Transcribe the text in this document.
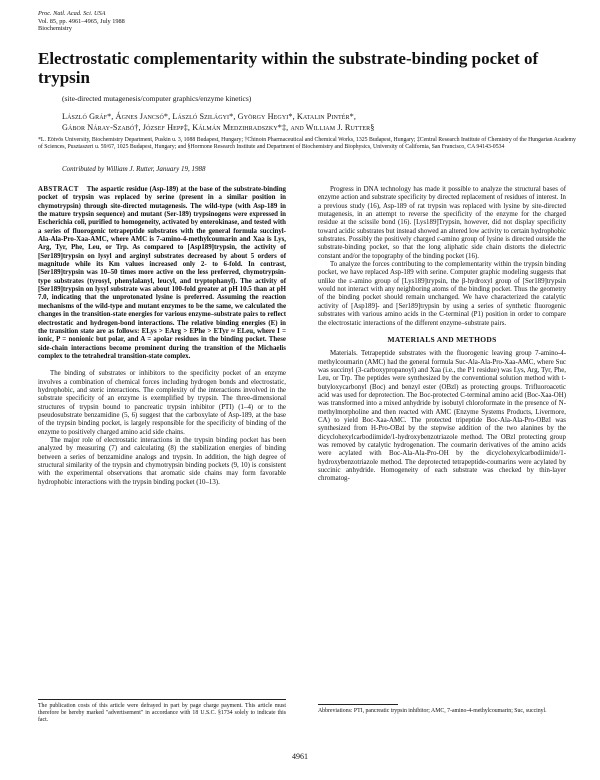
Proc. Natl. Acad. Sci. USA
Vol. 85, pp. 4961–4965, July 1988
Biochemistry
Electrostatic complementarity within the substrate-binding pocket of trypsin
(site-directed mutagenesis/computer graphics/enzyme kinetics)
László Gráf*, Ágnes Jancsó*, László Szilágyi*, György Hegyi*, Katalin Pintér*,
Gábor Náray-Szabó†, József Hepp‡, Kálmán Medzihradszky*‡, and William J. Rutter§
*L. Eötvös University, Biochemistry Department, Puskin u. 3, 1088 Budapest, Hungary; †Chinoin Pharmaceutical and Chemical Works, 1325 Budapest, Hungary; ‡Central Research Institute of Chemistry of the Hungarian Academy of Sciences, Pusztaszeri u. 59/67, 1025 Budapest, Hungary; and §Hormone Research Institute and Department of Biochemistry and Biophysics, University of California, San Francisco, CA 94143-0534
Contributed by William J. Rutter, January 19, 1988

ABSTRACT The aspartic residue (Asp-189) at the base of the substrate-binding pocket of trypsin was replaced by serine (present in a similar position in chymotrypsin) through site-directed mutagenesis. The wild-type (with Asp-189 in the mature trypsin sequence) and mutant (Ser-189) trypsinogens were expressed in Escherichia coli, purified to homogeneity, activated by enterokinase, and tested with a series of fluorogenic tetrapeptide substrates with the general formula succinyl-Ala-Ala-Pro-Xaa-AMC, where AMC is 7-amino-4-methylcoumarin and Xaa is Lys, Arg, Tyr, Phe, Leu, or Trp. As compared to [Asp189]trypsin, the activity of [Ser189]trypsin on lysyl and arginyl substrates decreased by about 5 orders of magnitude while its Km values increased only 2- to 6-fold. In contrast, [Ser189]trypsin was 10–50 times more active on the less preferred, chymotrypsin-type substrates (tyrosyl, phenylalanyl, leucyl, and tryptophanyl). The activity of [Ser189]trypsin on lysyl substrate was about 100-fold greater at pH 10.5 than at pH 7.0, indicating that the unprotonated lysine is preferred. Assuming the reaction mechanisms of the wild-type and mutant enzymes to be the same, we calculated the changes in the transition-state energies for various enzyme–substrate pairs to reflect electrostatic and hydrogen-bond interactions. The relative binding energies (E) in the transition state are as follows: ELys > EArg > EPhe > ETyr ≈ ELeu, where I = ionic, P = nonionic but polar, and A = apolar residues in the binding pocket. These side-chain interactions become prominent during the transition of the Michaelis complex to the tetrahedral transition-state complex.

The binding of substrates or inhibitors to the specificity pocket of an enzyme involves a combination of chemical forces including hydrogen bonds and electrostatic, hydrophobic, and steric interactions. The complexity of the interactions involved in the substrate specificity of an enzyme is exemplified by trypsin. The three-dimensional structures of trypsin bound to pancreatic trypsin inhibitor (PTI) (1–4) or to the pseudosubstrate benzamidine (5, 6) suggest that the carboxylate of Asp-189, at the base of the trypsin binding pocket, is largely responsible for the specificity of binding of the enzyme to positively charged amino acid side chains.

The major role of electrostatic interactions in the trypsin binding pocket has been analyzed by measuring (7) and calculating (8) the stabilization energies of binding between a series of benzamidine analogs and trypsin. In addition, the high degree of structural similarity of the trypsin and chymotrypsin binding pockets (9, 10) is consistent with the experimental observations that aromatic side chains may form favorable hydrophobic interactions with the trypsin binding pocket (10–13).

Progress in DNA technology has made it possible to analyze the structural bases of enzyme action and substrate specificity by directed replacement of residues of interest. In a previous study (16), Asp-189 of rat trypsin was replaced with lysine by site-directed mutagenesis, in an attempt to reverse the specificity of the enzyme for the charged residue at the scissile bond (16). [Lys189]Trypsin, however, did not display specificity toward acidic substrates but instead showed an altered low activity to certain hydrophobic substrates. Possibly the positively charged ε-amino group of lysine is directed outside the substrate-binding pocket, so that the long aliphatic side chain distorts the dielectric constant and/or the topography of the binding pocket (16).

To analyze the forces contributing to the complementarity within the trypsin binding pocket, we have replaced Asp-189 with serine. Computer graphic modeling suggests that unlike the ε-amino group of [Lys189]trypsin, the β-hydroxyl group of [Ser189]trypsin would not interact with any neighboring atoms of the binding pocket. Thus the geometry of the binding pocket should remain unchanged. We have characterized the catalytic activity of [Asp189]- and [Ser189]trypsin by using a series of synthetic fluorogenic substrates with various amino acids in the C-terminal (P1) position in order to compare the electrostatic interactions of the different enzyme–substrate pairs.

MATERIALS AND METHODS

Materials. Tetrapeptide substrates with the fluorogenic leaving group 7-amino-4-methylcoumarin (AMC) had the general formula Suc-Ala-Ala-Pro-Xaa-AMC, where Suc was succinyl (3-carboxypropanoyl) and Xaa (i.e., the P1 residue) was Lys, Arg, Tyr, Phe, Leu, or Trp. The peptides were synthesized by the conventional solution method with t-butyloxycarbonyl (Boc) and benzyl ester (OBzl) as protecting groups. Trifluoroacetic acid was used for deprotection. The Boc-protected C-terminal amino acid (Boc-Xaa-OH) was transformed into a mixed anhydride by isobutyl chloroformate in the presence of N-methylmorpholine and then reacted with AMC (Enzyme Systems Products, Livermore, CA) to yield Boc-Xaa-AMC. The protected tripeptide Boc-Ala-Ala-Pro-OBzl was synthesized from H-Pro-OBzl by the stepwise addition of the two alanines by the dicyclohexylcarbodiimide/1-hydroxybenzotriazole method. The OBzl protecting group was removed by catalytic hydrogenation. The coumarin derivatives of the amino acids were acylated with Boc-Ala-Ala-Pro-OH by the dicyclohexylcarbodiimide/1-hydroxybenzotriazole method. The deprotected tetrapeptide-coumarins were acylated by succinic anhydride. Homogeneity of each substrate was checked by thin-layer chromatog-

The publication costs of this article were defrayed in part by page charge payment. This article must therefore be hereby marked "advertisement" in accordance with 18 U.S.C. §1734 solely to indicate this fact.
Abbreviations: PTI, pancreatic trypsin inhibitor; AMC, 7-amino-4-methylcoumarin; Suc, succinyl.
4961
